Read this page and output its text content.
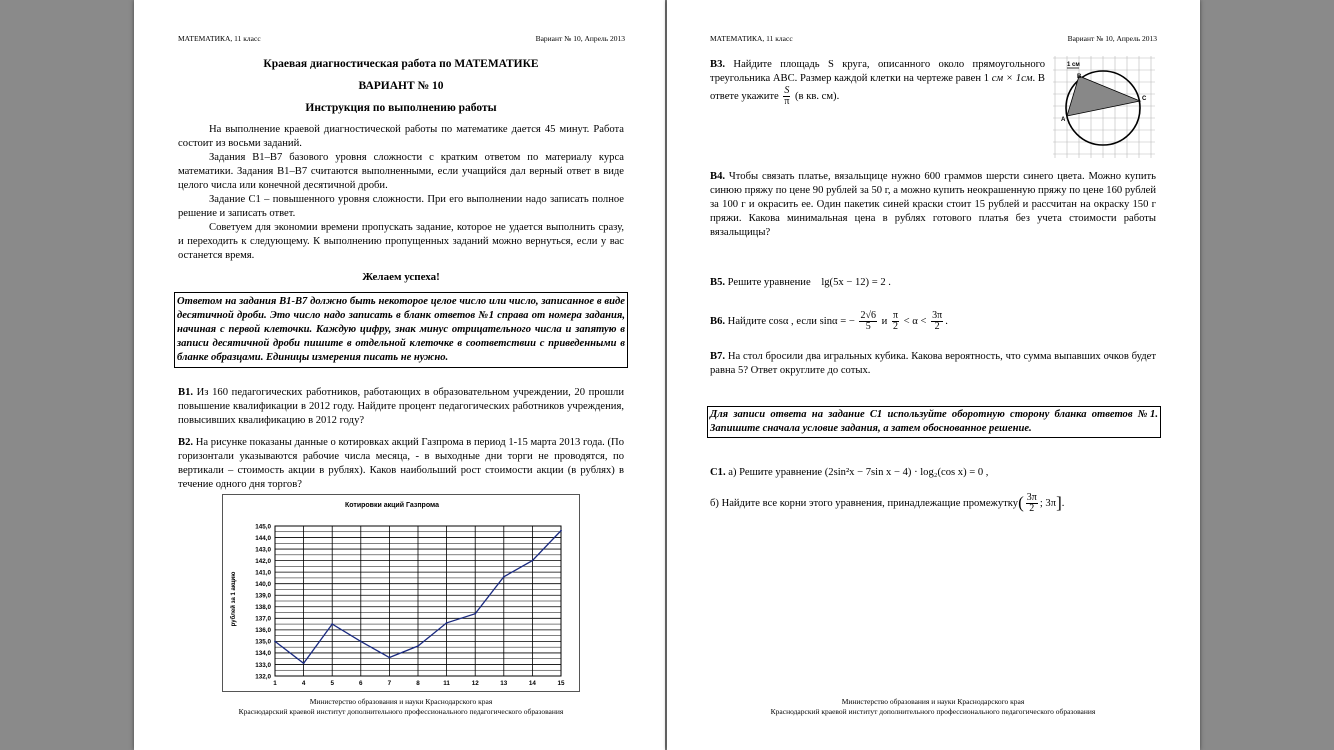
МАТЕМАТИКА, 11 класс	Вариант № 10, Апрель 2013
Краевая диагностическая работа по МАТЕМАТИКЕ
ВАРИАНТ № 10
Инструкция по выполнению работы

На выполнение краевой диагностической работы по математике дается 45 минут. Работа состоит из восьми заданий.

Задания B1–B7 базового уровня сложности с кратким ответом по материалу курса математики. Задания B1–B7 считаются выполненными, если учащийся дал верный ответ в виде целого числа или конечной десятичной дроби.

Задание C1 – повышенного уровня сложности. При его выполнении надо записать полное решение и записать ответ.

Советуем для экономии времени пропускать задание, которое не удается выполнить сразу, и переходить к следующему. К выполнению пропущенных заданий можно вернуться, если у вас останется время.

Желаем успеха!
Ответом на задания B1-B7 должно быть некоторое целое число или число, записанное в виде десятичной дроби. Это число надо записать в бланк ответов №1 справа от номера задания, начиная с первой клеточки. Каждую цифру, знак минус отрицательного числа и запятую в записи десятичной дроби пишите в отдельной клеточке в соответствии с приведенными в бланке образцами. Единицы измерения писать не нужно.
B1. Из 160 педагогических работников, работающих в образовательном учреждении, 20 прошли повышение квалификации в 2012 году. Найдите процент педагогических работников учреждения, повысивших квалификацию в 2012 году?
B2. На рисунке показаны данные о котировках акций Газпрома в период 1-15 марта 2013 года. (По горизонтали указываются рабочие числа месяца, - в выходные дни торги не проводятся, по вертикали – стоимость акции в рублях). Каков наибольший рост стоимости акции (в рублях) в течение одного дня торгов?
Котировки акций Газпрома
рублей за 1 акцию
132,0
133,0
134,0
135,0
136,0
137,0
138,0
139,0
140,0
141,0
142,0
143,0
144,0
145,0
1	4	5	6	7	8	11	12	13	14	15
Министерство образования и науки Краснодарского края
Краснодарский краевой институт дополнительного профессионального педагогического образования
МАТЕМАТИКА, 11 класс	Вариант № 10, Апрель 2013
B3. Найдите площадь S круга, описанного около прямоугольного треугольника ABC. Размер каждой клетки на чертеже равен 1 см × 1см. В ответе укажите $\frac{S}{\pi} (в$ кв. см).
1 см
B
C
A
B4. Чтобы связать платье, вязальщице нужно 600 граммов шерсти синего цвета. Можно купить синюю пряжу по цене 90 рублей за 50 г, а можно купить неокрашенную пряжу по цене 160 рублей за 100 г и окрасить ее. Один пакетик синей краски стоит 15 рублей и рассчитан на окраску 150 г пряжи. Какова минимальная цена в рублях готового платья без учета стоимости работы вязальщицы?
B5. Решите уравнение lg(5x − 12) = 2 .
B6. Найдите cosα , если sinα = − $\frac{2√6}{5}$ и $\frac{\pi}{2} < \alpha < \frac{3\pi}{2}$ .
B7. На стол бросили два игральных кубика. Какова вероятность, что сумма выпавших очков будет равна 5? Ответ округлите до сотых.
Для записи ответа на задание C1 используйте оборотную сторону бланка ответов №1. Запишите сначала условие задания, а затем обоснованное решение.
C1. а) Решите уравнение (2sin²x − 7sin x − 4) · log₂(cos x) = 0 ,
б) Найдите все корни этого уравнения, принадлежащие промежутку( $\frac{3\pi}{2}$ ; 3π].
Министерство образования и науки Краснодарского края
Краснодарский краевой институт дополнительного профессионального педагогического образования
